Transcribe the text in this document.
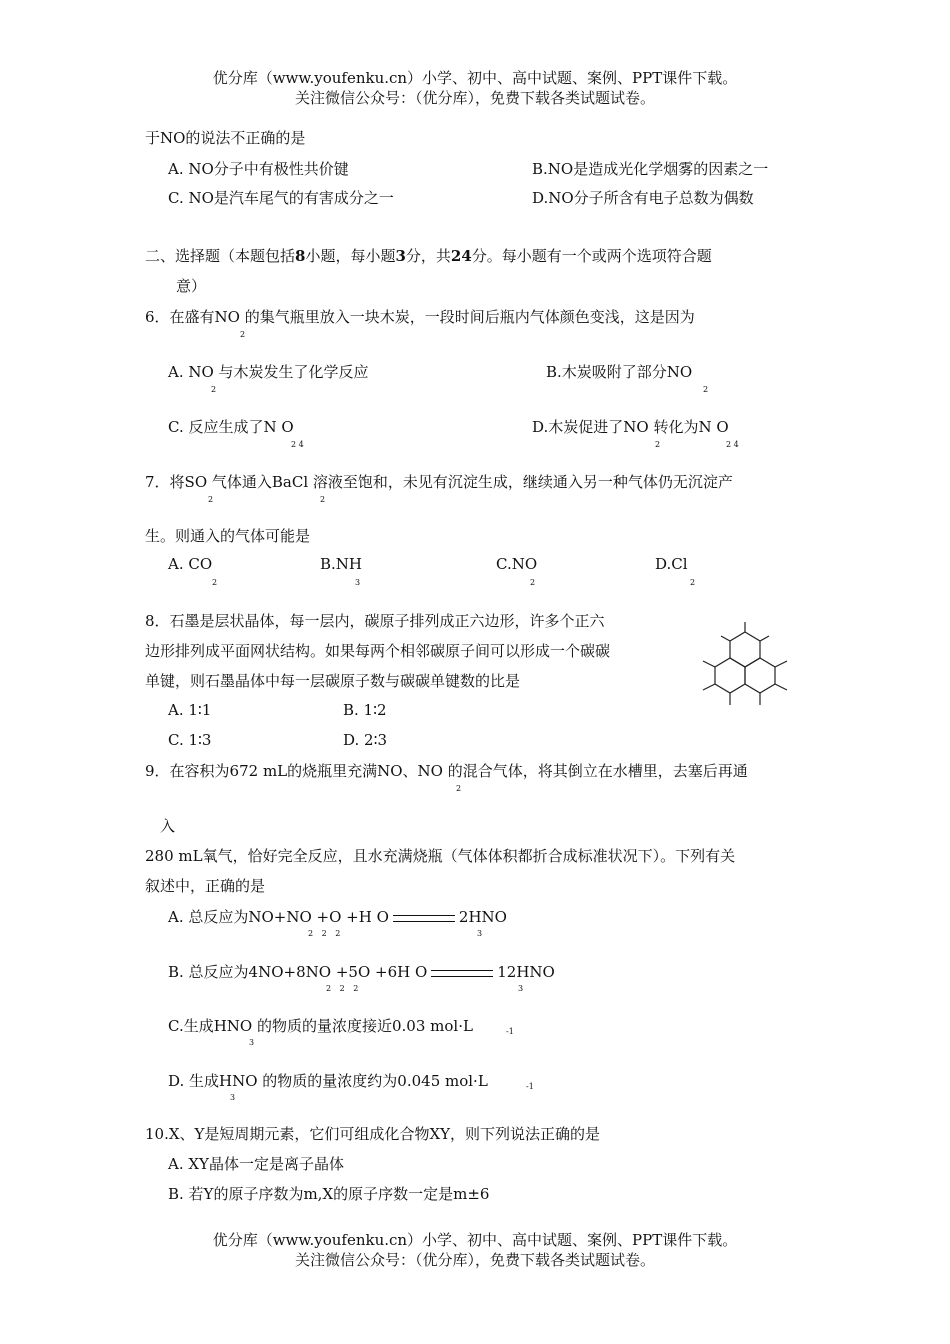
优分库（www.youfenku.cn）小学、初中、高中试题、案例、PPT课件下载。
关注微信公众号：（优分库），免费下载各类试题试卷。
于NO的说法不正确的是
A. NO分子中有极性共价键	B.NO是造成光化学烟雾的因素之一
C. NO是汽车尾气的有害成分之一	D.NO分子所含有电子总数为偶数
二、选择题（本题包括8小题，每小题3分，共24分。每小题有一个或两个选项符合题
意）
6．在盛有NO 的集气瓶里放入一块木炭，一段时间后瓶内气体颜色变浅，这是因为
2
A. NO 与木炭发生了化学反应
2
B.木炭吸附了部分NO
2
C. 反应生成了N O
2 4
D.木炭促进了NO 转化为N O
2	2 4
7．将SO 气体通入BaCl 溶液至饱和，未见有沉淀生成，继续通入另一种气体仍无沉淀产
2	2
生。则通入的气体可能是
A. CO
2
B.NH
3
C.NO
2
D.Cl
2
8．石墨是层状晶体，每一层内，碳原子排列成正六边形，许多个正六
边形排列成平面网状结构。如果每两个相邻碳原子间可以形成一个碳碳
单键，则石墨晶体中每一层碳原子数与碳碳单键数的比是
A. 1∶1	B. 1∶2
C. 1∶3	D. 2∶3
9．在容积为672 mL的烧瓶里充满NO、NO 的混合气体，将其倒立在水槽里，去塞后再通
2
入
280 mL氧气，恰好完全反应，且水充满烧瓶（气体体积都折合成标准状况下）。下列有关
叙述中，正确的是
A. 总反应为NO+NO +O +H O	2HNO
2 2 2	3
B. 总反应为4NO+8NO +5O +6H O	12HNO
2 2 2	3
C.生成HNO 的物质的量浓度接近0.03 mol·L
3
-1
D. 生成HNO 的物质的量浓度约为0.045 mol·L
3
-1
10.X、Y是短周期元素，它们可组成化合物XY，则下列说法正确的是
A. XY晶体一定是离子晶体
B. 若Y的原子序数为m,X的原子序数一定是m±6
优分库（www.youfenku.cn）小学、初中、高中试题、案例、PPT课件下载。
关注微信公众号：（优分库），免费下载各类试题试卷。
